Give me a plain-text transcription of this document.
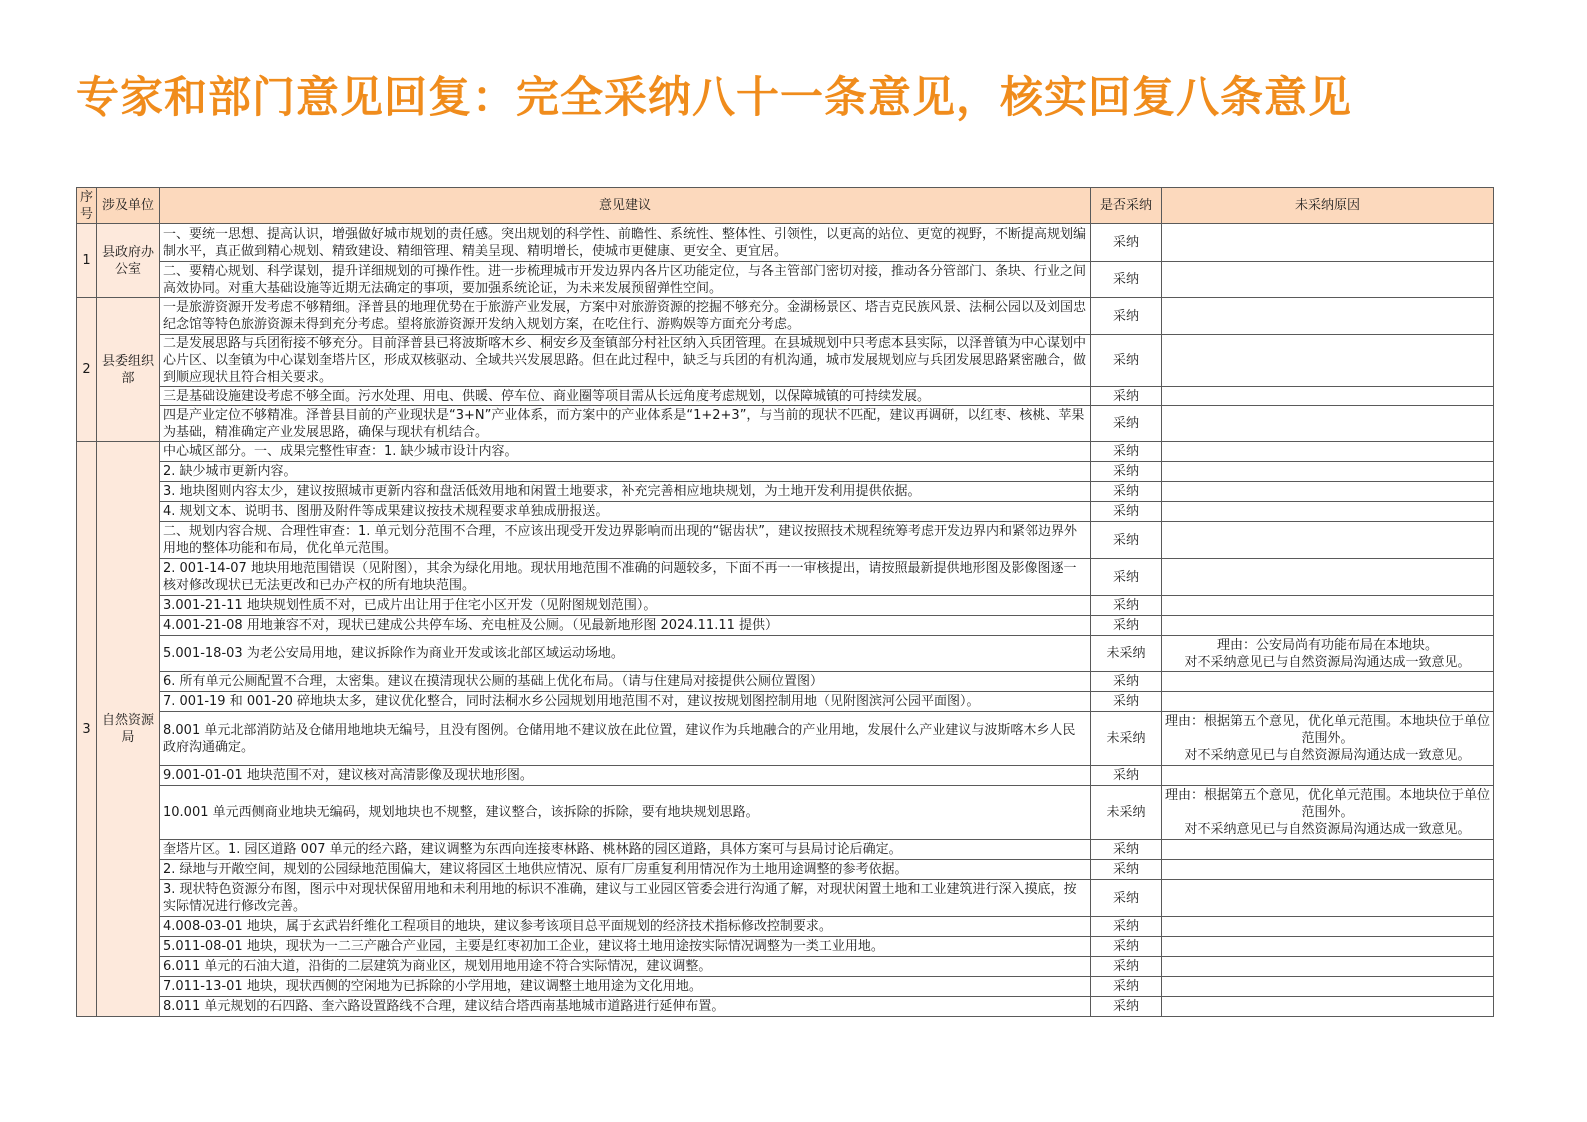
专家和部门意见回复：完全采纳八十一条意见，核实回复八条意见
序号	涉及单位	意见建议	是否采纳	未采纳原因
1	县政府办公室	一、要统一思想、提高认识，增强做好城市规划的责任感。突出规划的科学性、前瞻性、系统性、整体性、引领性，以更高的站位、更宽的视野，不断提高规划编制水平，真正做到精心规划、精致建设、精细管理、精美呈现、精明增长，使城市更健康、更安全、更宜居。	采纳	
		二、要精心规划、科学谋划，提升详细规划的可操作性。进一步梳理城市开发边界内各片区功能定位，与各主管部门密切对接，推动各分管部门、条块、行业之间高效协同。对重大基础设施等近期无法确定的事项，要加强系统论证，为未来发展预留弹性空间。	采纳	
2	县委组织部	一是旅游资源开发考虑不够精细。泽普县的地理优势在于旅游产业发展，方案中对旅游资源的挖掘不够充分。金湖杨景区、塔吉克民族风景、法桐公园以及刘国忠纪念馆等特色旅游资源未得到充分考虑。望将旅游资源开发纳入规划方案，在吃住行、游购娱等方面充分考虑。	采纳	
		二是发展思路与兵团衔接不够充分。目前泽普县已将波斯喀木乡、桐安乡及奎镇部分村社区纳入兵团管理。在县城规划中只考虑本县实际，以泽普镇为中心谋划中心片区、以奎镇为中心谋划奎塔片区，形成双核驱动、全域共兴发展思路。但在此过程中，缺乏与兵团的有机沟通，城市发展规划应与兵团发展思路紧密融合，做到顺应现状且符合相关要求。	采纳	
		三是基础设施建设考虑不够全面。污水处理、用电、供暖、停车位、商业圈等项目需从长远角度考虑规划，以保障城镇的可持续发展。	采纳	
		四是产业定位不够精准。泽普县目前的产业现状是“3+N”产业体系，而方案中的产业体系是“1+2+3”，与当前的现状不匹配，建议再调研，以红枣、核桃、苹果为基础，精准确定产业发展思路，确保与现状有机结合。	采纳	
3	自然资源局	中心城区部分。一、成果完整性审查：1. 缺少城市设计内容。	采纳	
		2. 缺少城市更新内容。	采纳	
		3. 地块图则内容太少，建议按照城市更新内容和盘活低效用地和闲置土地要求，补充完善相应地块规划，为土地开发利用提供依据。	采纳	
		4. 规划文本、说明书、图册及附件等成果建议按技术规程要求单独成册报送。	采纳	
		二、规划内容合规、合理性审查：1. 单元划分范围不合理，不应该出现受开发边界影响而出现的“锯齿状”，建议按照技术规程统筹考虑开发边界内和紧邻边界外用地的整体功能和布局，优化单元范围。	采纳	
		2. 001-14-07 地块用地范围错误（见附图），其余为绿化用地。现状用地范围不准确的问题较多，下面不再一一审核提出，请按照最新提供地形图及影像图逐一核对修改现状已无法更改和已办产权的所有地块范围。	采纳	
		3.001-21-11 地块规划性质不对，已成片出让用于住宅小区开发（见附图规划范围）。	采纳	
		4.001-21-08 用地兼容不对，现状已建成公共停车场、充电桩及公厕。（见最新地形图 2024.11.11 提供）	采纳	
		5.001-18-03 为老公安局用地，建议拆除作为商业开发或该北部区域运动场地。	未采纳	理由：公安局尚有功能布局在本地块。
对不采纳意见已与自然资源局沟通达成一致意见。
		6. 所有单元公厕配置不合理，太密集。建议在摸清现状公厕的基础上优化布局。（请与住建局对接提供公厕位置图）	采纳	
		7. 001-19 和 001-20 碎地块太多，建议优化整合，同时法桐水乡公园规划用地范围不对，建议按规划图控制用地（见附图滨河公园平面图）。	采纳	
		8.001 单元北部消防站及仓储用地地块无编号，且没有图例。仓储用地不建议放在此位置，建议作为兵地融合的产业用地，发展什么产业建议与波斯喀木乡人民政府沟通确定。	未采纳	理由：根据第五个意见，优化单元范围。本地块位于单位范围外。
对不采纳意见已与自然资源局沟通达成一致意见。
		9.001-01-01 地块范围不对，建议核对高清影像及现状地形图。	采纳	
		10.001 单元西侧商业地块无编码，规划地块也不规整，建议整合，该拆除的拆除，要有地块规划思路。	未采纳	理由：根据第五个意见，优化单元范围。本地块位于单位范围外。
对不采纳意见已与自然资源局沟通达成一致意见。
		奎塔片区。1. 园区道路 007 单元的经六路，建议调整为东西向连接枣林路、桃林路的园区道路，具体方案可与县局讨论后确定。	采纳	
		2. 绿地与开敞空间，规划的公园绿地范围偏大，建议将园区土地供应情况、原有厂房重复利用情况作为土地用途调整的参考依据。	采纳	
		3. 现状特色资源分布图，图示中对现状保留用地和未利用地的标识不准确，建议与工业园区管委会进行沟通了解，对现状闲置土地和工业建筑进行深入摸底，按实际情况进行修改完善。	采纳	
		4.008-03-01 地块，属于玄武岩纤维化工程项目的地块，建议参考该项目总平面规划的经济技术指标修改控制要求。	采纳	
		5.011-08-01 地块，现状为一二三产融合产业园，主要是红枣初加工企业，建议将土地用途按实际情况调整为一类工业用地。	采纳	
		6.011 单元的石油大道，沿街的二层建筑为商业区，规划用地用途不符合实际情况，建议调整。	采纳	
		7.011-13-01 地块，现状西侧的空闲地为已拆除的小学用地，建议调整土地用途为文化用地。	采纳	
		8.011 单元规划的石四路、奎六路设置路线不合理，建议结合塔西南基地城市道路进行延伸布置。	采纳	
